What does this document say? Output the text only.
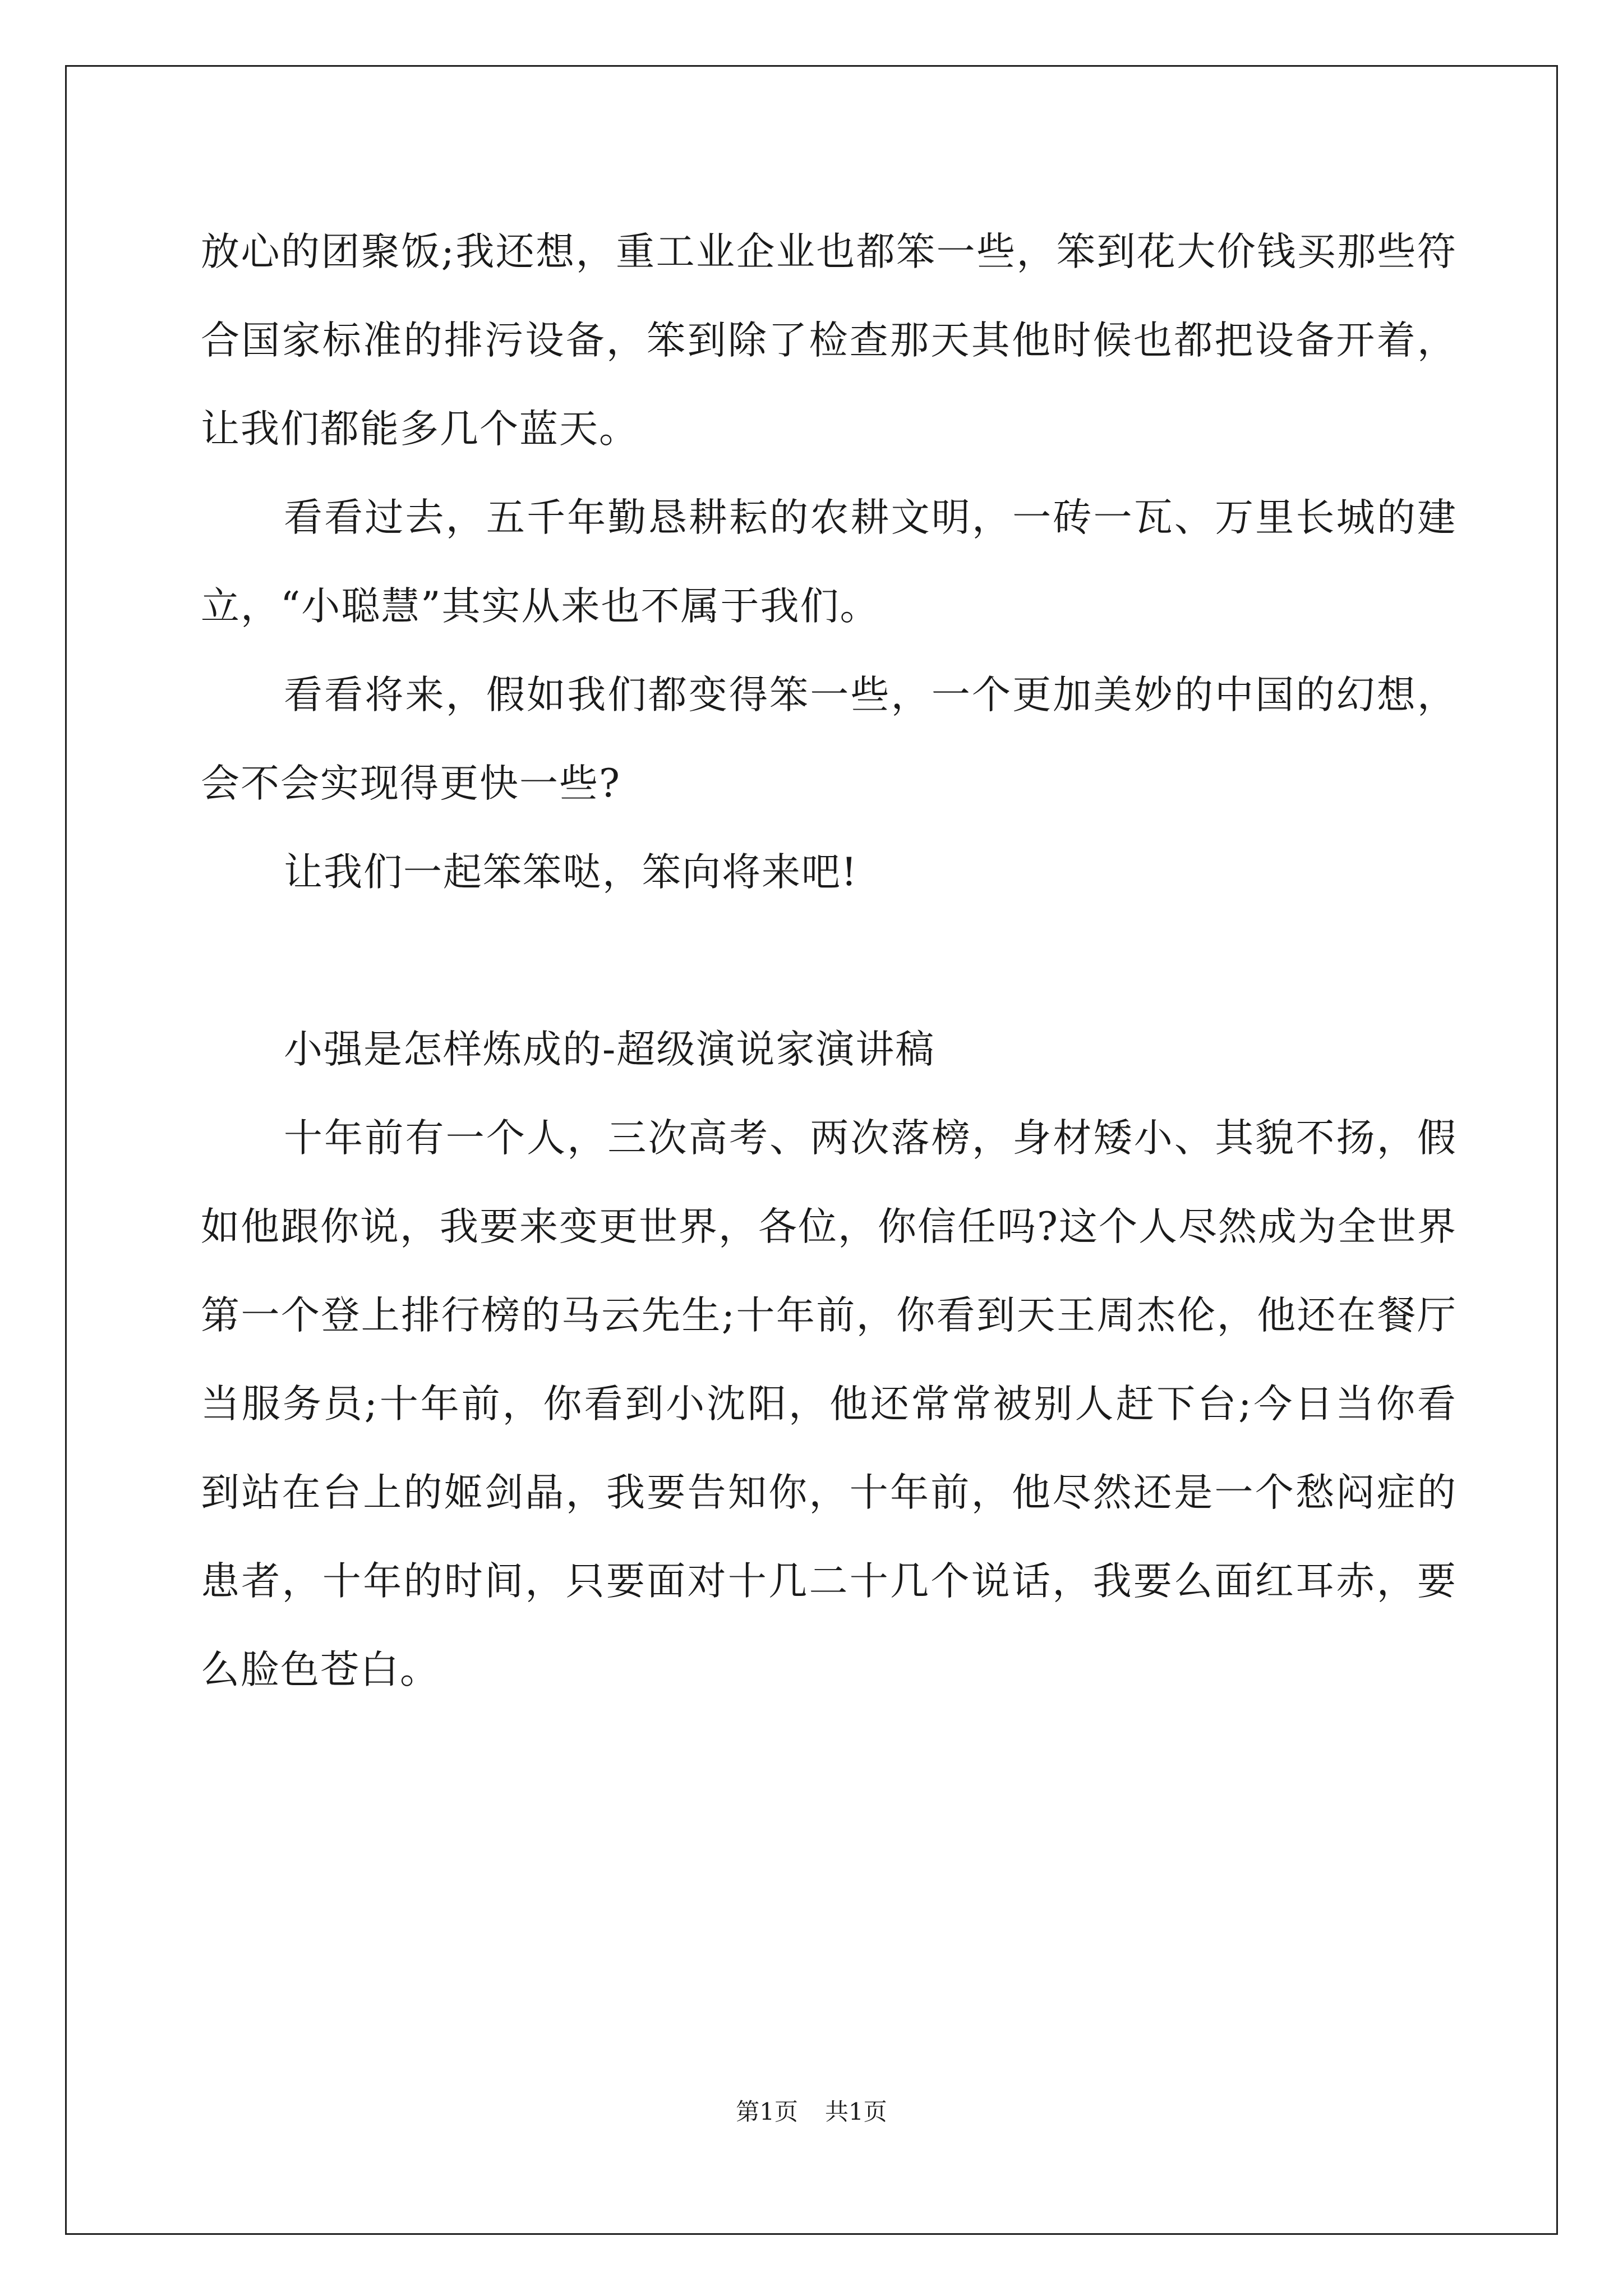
放心的团聚饭;我还想，重工业企业也都笨一些，笨到花大价钱买那些符合国家标准的排污设备，笨到除了检查那天其他时候也都把设备开着，让我们都能多几个蓝天。

看看过去，五千年勤恳耕耘的农耕文明，一砖一瓦、万里长城的建立，“小聪慧”其实从来也不属于我们。

看看将来，假如我们都变得笨一些，一个更加美妙的中国的幻想，会不会实现得更快一些?

让我们一起笨笨哒，笨向将来吧!

小强是怎样炼成的-超级演说家演讲稿

十年前有一个人，三次高考、两次落榜，身材矮小、其貌不扬，假如他跟你说，我要来变更世界，各位，你信任吗?这个人尽然成为全世界第一个登上排行榜的马云先生;十年前，你看到天王周杰伦，他还在餐厅当服务员;十年前，你看到小沈阳，他还常常被别人赶下台;今日当你看到站在台上的姬剑晶，我要告知你，十年前，他尽然还是一个愁闷症的患者，十年的时间，只要面对十几二十几个说话，我要么面红耳赤，要么脸色苍白。

第1页 共1页
